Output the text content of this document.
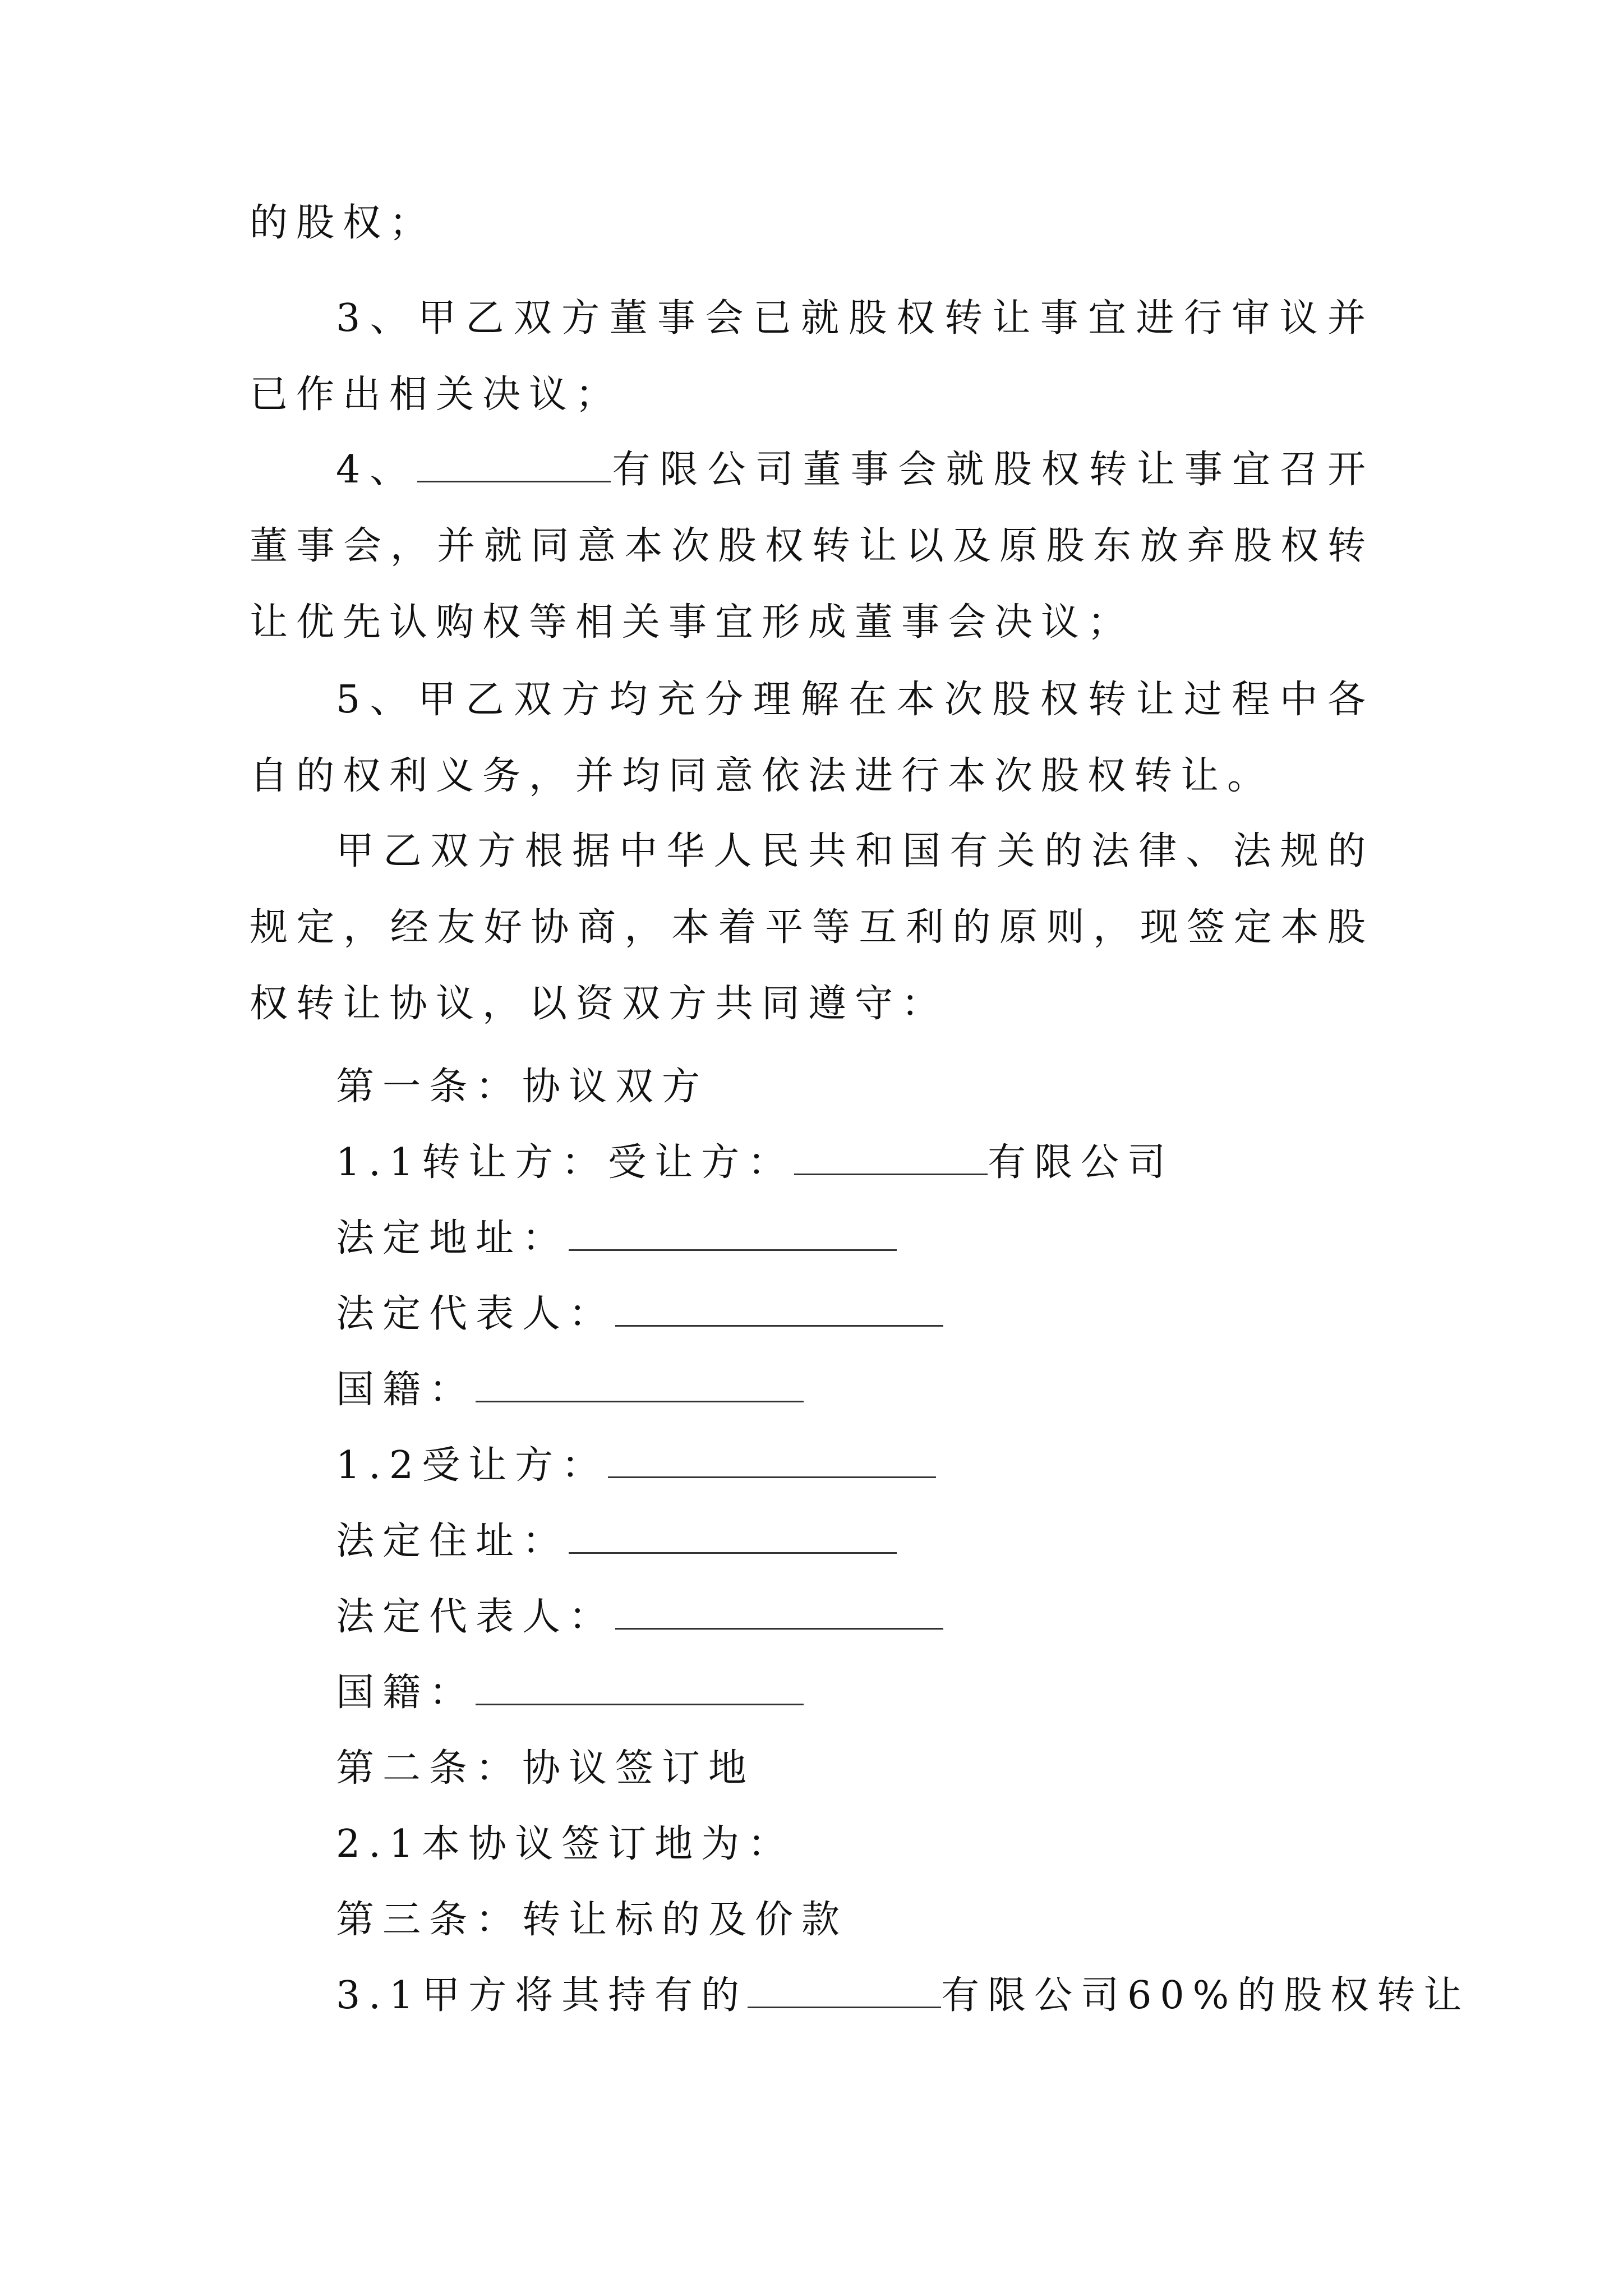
的股权；

3、甲乙双方董事会已就股权转让事宜进行审议并已作出相关决议；

4、	有限公司董事会就股权转让事宜召开董事会，并就同意本次股权转让以及原股东放弃股权转让优先认购权等相关事宜形成董事会决议；

5、甲乙双方均充分理解在本次股权转让过程中各自的权利义务，并均同意依法进行本次股权转让。

甲乙双方根据中华人民共和国有关的法律、法规的规定，经友好协商，本着平等互利的原则，现签定本股权转让协议，以资双方共同遵守：

第一条：协议双方

1.1转让方：受让方：	有限公司

法定地址：

法定代表人：

国籍：

1.2受让方：

法定住址：

法定代表人：

国籍：

第二条：协议签订地

2.1本协议签订地为：

第三条：转让标的及价款

3.1甲方将其持有的	有限公司60%的股权转让
